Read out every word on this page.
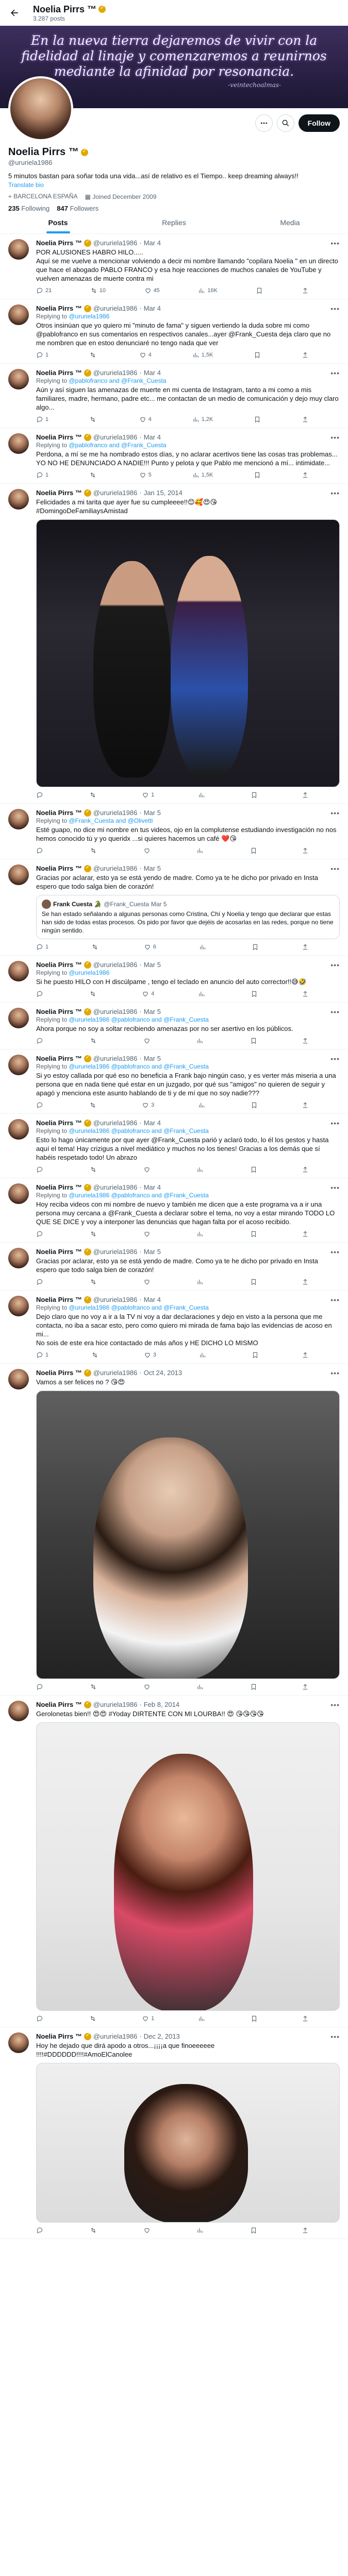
Noelia Pirrs ™
✓
3.287 posts
En la nueva tierra dejaremos de vivir con la fidelidad al linaje y comenzaremos a reunirnos mediante la afinidad por resonancia.
-veintechoalmas-
Follow
Noelia Pirrs ™
✓
@ururiela1986
5 minutos bastan para soñar toda una vida...así de relativo es el Tiempo.. keep dreaming always!!
Translate bio
⌖ BARCELONA ESPAÑA ▦ Joined December 2009
235 Following 847 Followers
Posts	Replies	Media
Noelia Pirrs ™ ✓ @ururiela1986 · Mar 4	•••
POR ALUSIONES HABRO HILO.....
Aquí se me vuelve a mencionar volviendo a decir mi nombre llamando "copilara Noelia " en un directo que hace el abogado PABLO FRANCO y esa hoje reacciones de muchos canales de YouTube y vuelven amenazas de muerte contra mi
21	10	45	16K
Noelia Pirrs ™ ✓ @ururiela1986 · Mar 4	•••
Replying to @ururiela1986
Otros insinúan que yo quiero mi "minuto de fama" y siguen vertiendo la duda sobre mi como @pablofranco en sus comentarios en respectivos canales...ayer @Frank_Cuesta deja claro que no me nombren que en estoo denunciaré no tengo nada que ver
1	4	1,5K
Noelia Pirrs ™ ✓ @ururiela1986 · Mar 4	•••
Replying to @pablofranco and @Frank_Cuesta
Aún y así siguen las amenazas de muerte en mi cuenta de Instagram, tanto a mi como a mis familiares, madre, hermano, padre etc... me contactan de un medio de comunicación y dejo muy claro algo...
1	4	1,2K
Noelia Pirrs ™ ✓ @ururiela1986 · Mar 4	•••
Replying to @pablofranco and @Frank_Cuesta
Perdona, a mí se me ha nombrado estos días, y no aclarar acertivos tiene las cosas tras problemas... YO NO HE DENUNCIADO A NADIE!!! Punto y pelota y que Pablo me mencionó a mí... intimidate...
1	5	1,5K
Noelia Pirrs ™ ✓ @ururiela1986 · Jan 15, 2014	•••
Felicidades a mi tarita que ayer fue su cumpleeee!!😊🥰😍😘
#DomingoDeFamiliaysAmistad
1
Noelia Pirrs ™ ✓ @ururiela1986 · Mar 5	•••
Replying to @Frank_Cuesta and @Olivetti
Esté guapo, no dice mi nombre en tus videos, ojo en la complutense estudiando investigación no nos hemos conocido tú y yo queridx ...si quieres hacemos un café ❤️😘
Noelia Pirrs ™ ✓ @ururiela1986 · Mar 5	•••
Gracias por aclarar, esto ya se está yendo de madre. Como ya te he dicho por privado en Insta espero que todo salga bien de corazón!
Frank Cuesta 🐊 @Frank_Cuesta Mar 5
Se han estado señalando a algunas personas como Cristina, Chí y Noelia y tengo que declarar que estas han sido de todas estas procesos. Os pido por favor que dejéis de acosarlas en las redes, porque no tiene ningún sentido.
1	6
Noelia Pirrs ™ ✓ @ururiela1986 · Mar 5	•••
Replying to @ururiela1986
Si he puesto HILO con H discúlpame , tengo el teclado en anuncio del auto corrector!!😅🤣
4
Noelia Pirrs ™ ✓ @ururiela1986 · Mar 5	•••
Replying to @ururiela1986 @pablofranco and @Frank_Cuesta
Ahora porque no soy a soltar recibiendo amenazas por no ser asertivo en los públicos.
Noelia Pirrs ™ ✓ @ururiela1986 · Mar 5	•••
Replying to @ururiela1986 @pablofranco and @Frank_Cuesta
Si yo estoy callada por qué eso no beneficia a Frank bajo ningún caso, y es verter más miseria a una persona que en nada tiene qué estar en un juzgado, por qué sus "amigos" no quieren de seguir y apagó y menciona este asunto hablando de ti y de mí que no soy nadie???
3
Noelia Pirrs ™ ✓ @ururiela1986 · Mar 4	•••
Replying to @ururiela1986 @pablofranco and @Frank_Cuesta
Esto lo hago únicamente por que ayer @Frank_Cuesta parió y aclaró todo, lo él los gestos y hasta aquí el tema! Hay crizigus a nivel mediático y muchos no los tienes! Gracias a los demás que sí habéis respetado todo! Un abrazo
Noelia Pirrs ™ ✓ @ururiela1986 · Mar 4	•••
Replying to @ururiela1986 @pablofranco and @Frank_Cuesta
Hoy reciba videos con mi nombre de nuevo y también me dicen que a este programa va a ir una persona muy cercana a @Frank_Cuesta a declarar sobre el tema, no voy a estar mirando TODO LO QUE SE DICE y voy a interponer las denuncias que hagan falta por el acoso recibido.
Noelia Pirrs ™ ✓ @ururiela1986 · Mar 5	•••
Gracias por aclarar, esto ya se está yendo de madre. Como ya te he dicho por privado en Insta espero que todo salga bien de corazón!
Noelia Pirrs ™ ✓ @ururiela1986 · Mar 4	•••
Replying to @ururiela1986 @pablofranco and @Frank_Cuesta
Dejo claro que no voy a ir a la TV ni voy a dar declaraciones y dejo en visto a la persona que me contacta, no iba a sacar esto, pero como quiero mi mirada de fama bajo las evidencias de acoso en mi...
No sois de este era hice contactado de más años y HE DICHO LO MISMO
1	3
Noelia Pirrs ™ ✓ @ururiela1986 · Oct 24, 2013	•••
Vamos a ser felices no ? 😘😍
Noelia Pirrs ™ ✓ @ururiela1986 · Feb 8, 2014	•••
Gerolonetas bien!! 😍😍 #Yoday DIRTENTE CON MI LOURBA!! 😍 😘😘😘😘
1
Noelia Pirrs ™ ✓ @ururiela1986 · Dec 2, 2013	•••
Hoy he dejado que dirá apodo a otros...¡¡¡¡a que finoeeeeee
!!!!#DDDDDD!!!!#AmoElCanolee
